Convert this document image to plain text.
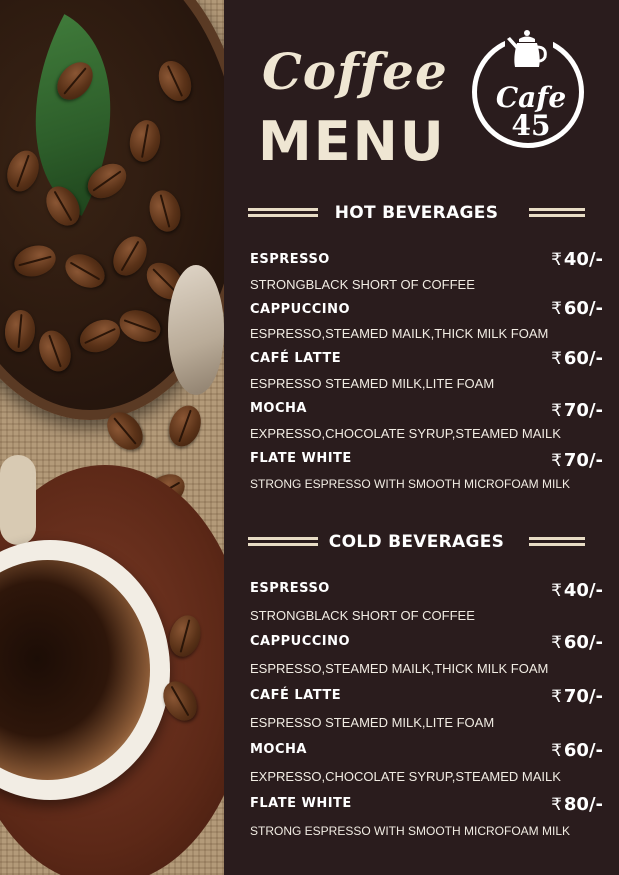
Coffee
MENU
Cafe
45
HOT BEVERAGES
ESPRESSO	₹ 40/-
STRONGBLACK SHORT OF COFFEE
CAPPUCCINO	₹ 60/-
ESPRESSO,STEAMED MAILK,THICK MILK FOAM
CAFÉ LATTE	₹ 60/-
ESPRESSO STEAMED MILK,LITE FOAM
MOCHA	₹ 70/-
EXPRESSO,CHOCOLATE SYRUP,STEAMED MAILK
FLATE WHITE	₹ 70/-
STRONG ESPRESSO WITH SMOOTH MICROFOAM MILK
COLD BEVERAGES
ESPRESSO	₹ 40/-
STRONGBLACK SHORT OF COFFEE
CAPPUCCINO	₹ 60/-
ESPRESSO,STEAMED MAILK,THICK MILK FOAM
CAFÉ LATTE	₹ 70/-
ESPRESSO STEAMED MILK,LITE FOAM
MOCHA	₹ 60/-
EXPRESSO,CHOCOLATE SYRUP,STEAMED MAILK
FLATE WHITE	₹ 80/-
STRONG ESPRESSO WITH SMOOTH MICROFOAM MILK
